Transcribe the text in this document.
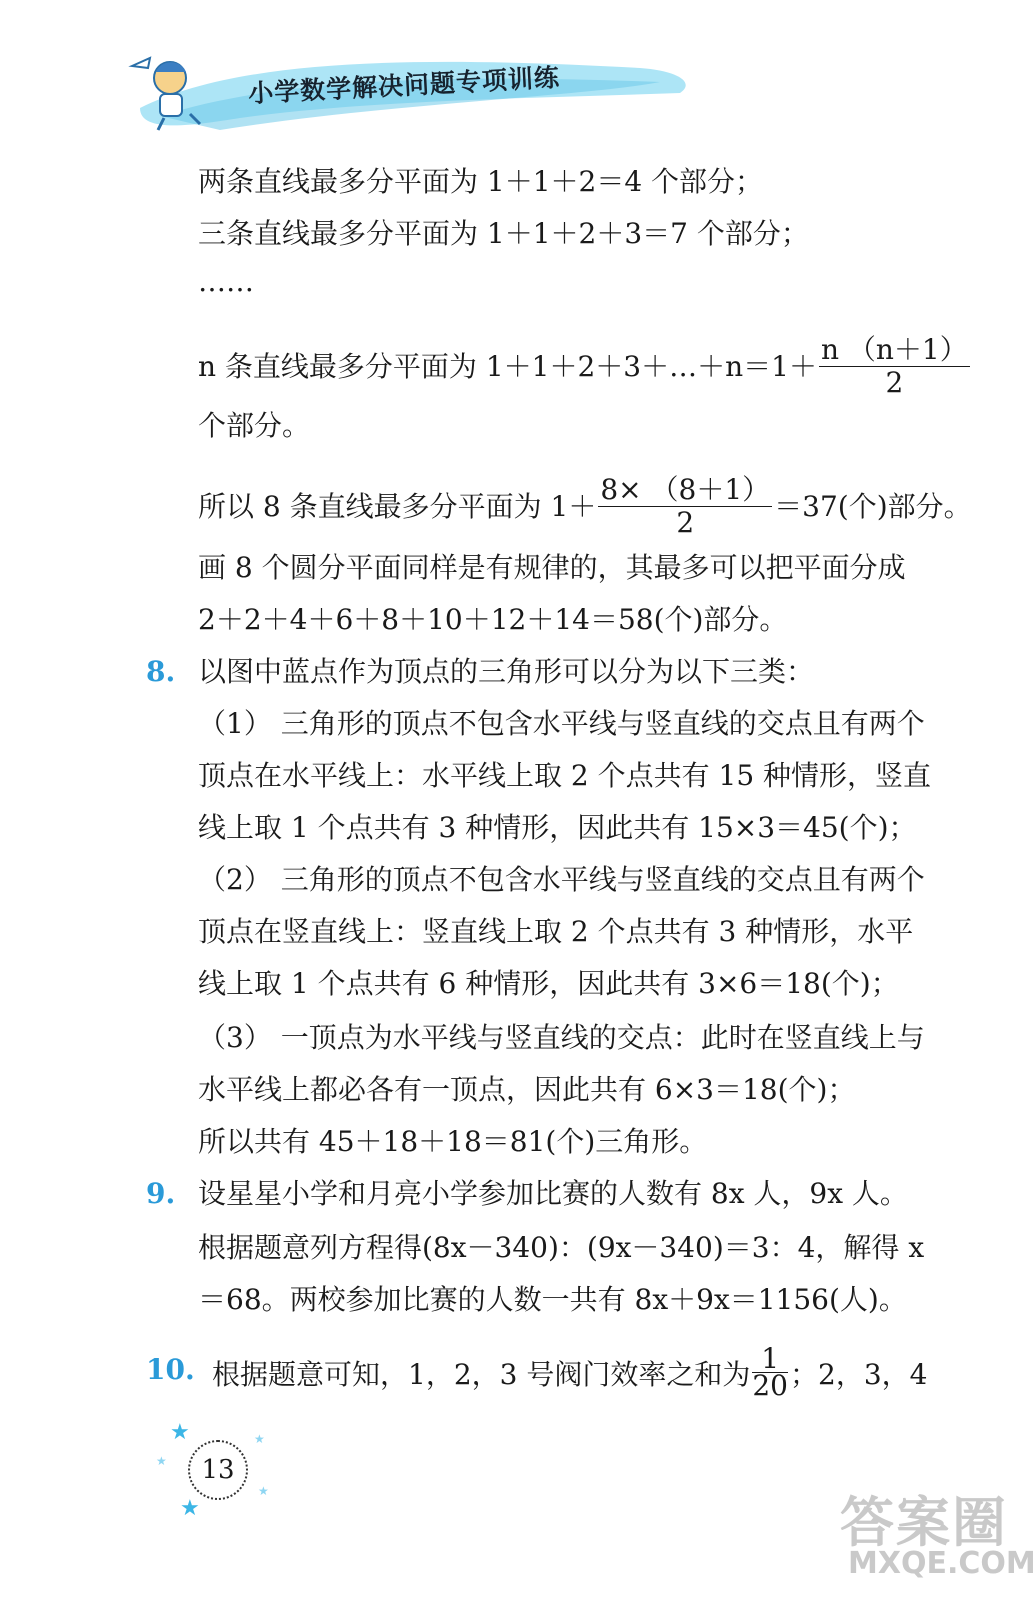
小学数学解决问题专项训练
两条直线最多分平面为 1＋1＋2＝4 个部分；
三条直线最多分平面为 1＋1＋2＋3＝7 个部分；
……
n 条直线最多分平面为 1＋1＋2＋3＋…＋n＝1＋ $\frac{n (n+1)}{2}$
个部分。
所以 8 条直线最多分平面为 $1+ \frac{8\times (8+1)}{2} =37$(个)部分。
画 8 个圆分平面同样是有规律的，其最多可以把平面分成
2＋2＋4＋6＋8＋10＋12＋14＝58(个)部分。
8. 以图中蓝点作为顶点的三角形可以分为以下三类：
（1） 三角形的顶点不包含水平线与竖直线的交点且有两个
顶点在水平线上：水平线上取 2 个点共有 15 种情形，竖直
线上取 1 个点共有 3 种情形，因此共有 15×3＝45(个)；
（2） 三角形的顶点不包含水平线与竖直线的交点且有两个
顶点在竖直线上：竖直线上取 2 个点共有 3 种情形，水平
线上取 1 个点共有 6 种情形，因此共有 3×6＝18(个)；
（3） 一顶点为水平线与竖直线的交点：此时在竖直线上与
水平线上都必各有一顶点，因此共有 6×3＝18(个)；
所以共有 45＋18＋18＝81(个)三角形。
9. 设星星小学和月亮小学参加比赛的人数有 8x 人，9x 人。
根据题意列方程得(8x－340)：(9x－340)＝3：4，解得 x
＝68。两校参加比赛的人数一共有 8x＋9x＝1156(人)。
10. 根据题意可知，1，2，3 号阀门效率之和为 $\frac{1}{20}$ ；2，3，4
★
★
★
★
★
13
答案圈
MXQE.COM
